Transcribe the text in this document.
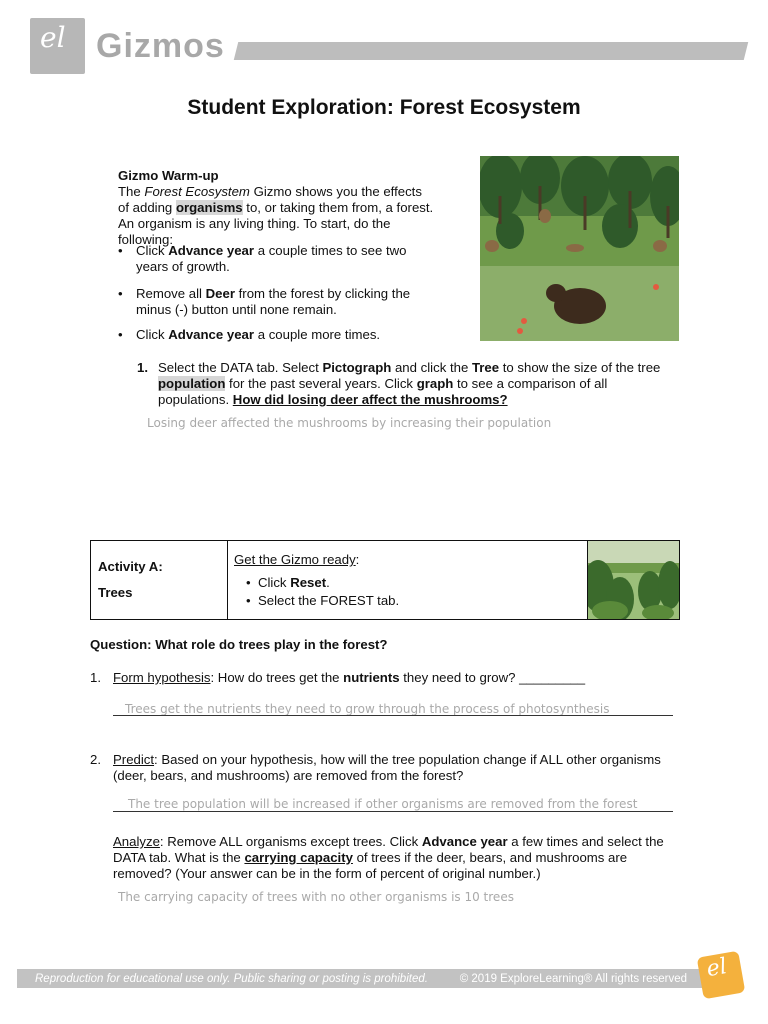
el Gizmos
Student Exploration: Forest Ecosystem
Gizmo Warm-up
The Forest Ecosystem Gizmo shows you the effects of adding organisms to, or taking them from, a forest. An organism is any living thing. To start, do the following:
• Click Advance year a couple times to see two years of growth.
• Remove all Deer from the forest by clicking the minus (-) button until none remain.
• Click Advance year a couple more times.
1. Select the DATA tab. Select Pictograph and click the Tree to show the size of the tree population for the past several years. Click graph to see a comparison of all populations. How did losing deer affect the mushrooms?
Losing deer affected the mushrooms by increasing their population
Activity A:
Trees
Get the Gizmo ready:
•  Click Reset.
•  Select the FOREST tab.
Question: What role do trees play in the forest?
1. Form hypothesis: How do trees get the nutrients they need to grow? _________
Trees get the nutrients they need to grow through the process of photosynthesis
2. Predict: Based on your hypothesis, how will the tree population change if ALL other organisms (deer, bears, and mushrooms) are removed from the forest?
The tree population will be increased if other organisms are removed from the forest
Analyze: Remove ALL organisms except trees. Click Advance year a few times and select the DATA tab. What is the carrying capacity of trees if the deer, bears, and mushrooms are removed? (Your answer can be in the form of percent of original number.)
The carrying capacity of trees with no other organisms is 10 trees
Reproduction for educational use only. Public sharing or posting is prohibited.	© 2019 ExploreLearning® All rights reserved el
